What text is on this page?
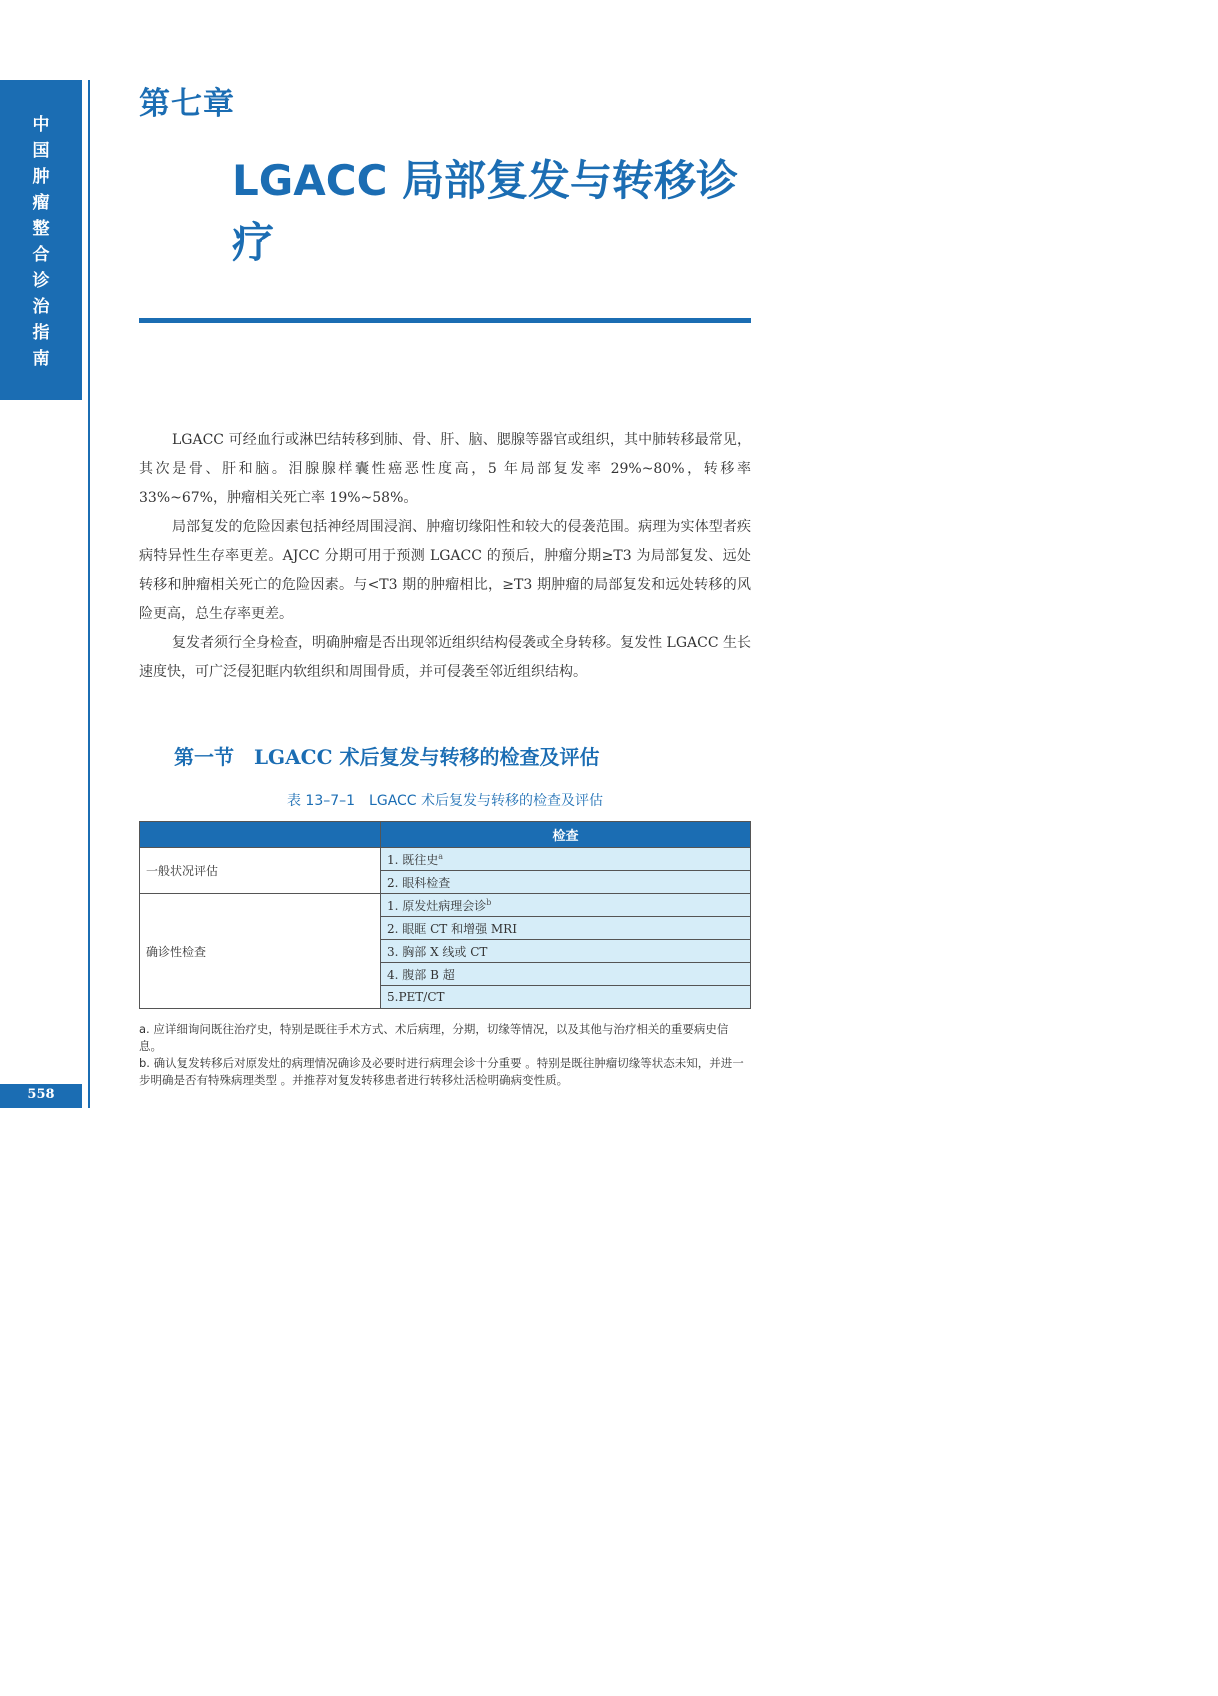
中
国
肿
瘤
整
合
诊
治
指
南
558
第七章
LGACC 局部复发与转移诊疗

LGACC 可经血行或淋巴结转移到肺、骨、肝、脑、腮腺等器官或组织，其中肺转移最常见，其次是骨、肝和脑。泪腺腺样囊性癌恶性度高，5 年局部复发率 29%~80%，转移率 33%~67%，肿瘤相关死亡率 19%~58%。

局部复发的危险因素包括神经周围浸润、肿瘤切缘阳性和较大的侵袭范围。病理为实体型者疾病特异性生存率更差。AJCC 分期可用于预测 LGACC 的预后，肿瘤分期≥T3 为局部复发、远处转移和肿瘤相关死亡的危险因素。与<T3 期的肿瘤相比，≥T3 期肿瘤的局部复发和远处转移的风险更高，总生存率更差。

复发者须行全身检查，明确肿瘤是否出现邻近组织结构侵袭或全身转移。复发性 LGACC 生长速度快，可广泛侵犯眶内软组织和周围骨质，并可侵袭至邻近组织结构。

第一节　LGACC 术后复发与转移的检查及评估
表 13–7–1　LGACC 术后复发与转移的检查及评估
	检查
一般状况评估	1. 既往史$^a$
	2. 眼科检查
确诊性检查	1. 原发灶病理会诊$^b$
	2. 眼眶 CT 和增强 MRI
	3. 胸部 X 线或 CT
	4. 腹部 B 超
	5.PET/CT

a. 应详细询问既往治疗史，特别是既往手术方式、术后病理，分期，切缘等情况，以及其他与治疗相关的重要病史信息。

b. 确认复发转移后对原发灶的病理情况确诊及必要时进行病理会诊十分重要 。特别是既往肿瘤切缘等状态未知，并进一步明确是否有特殊病理类型 。并推荐对复发转移患者进行转移灶活检明确病变性质。
